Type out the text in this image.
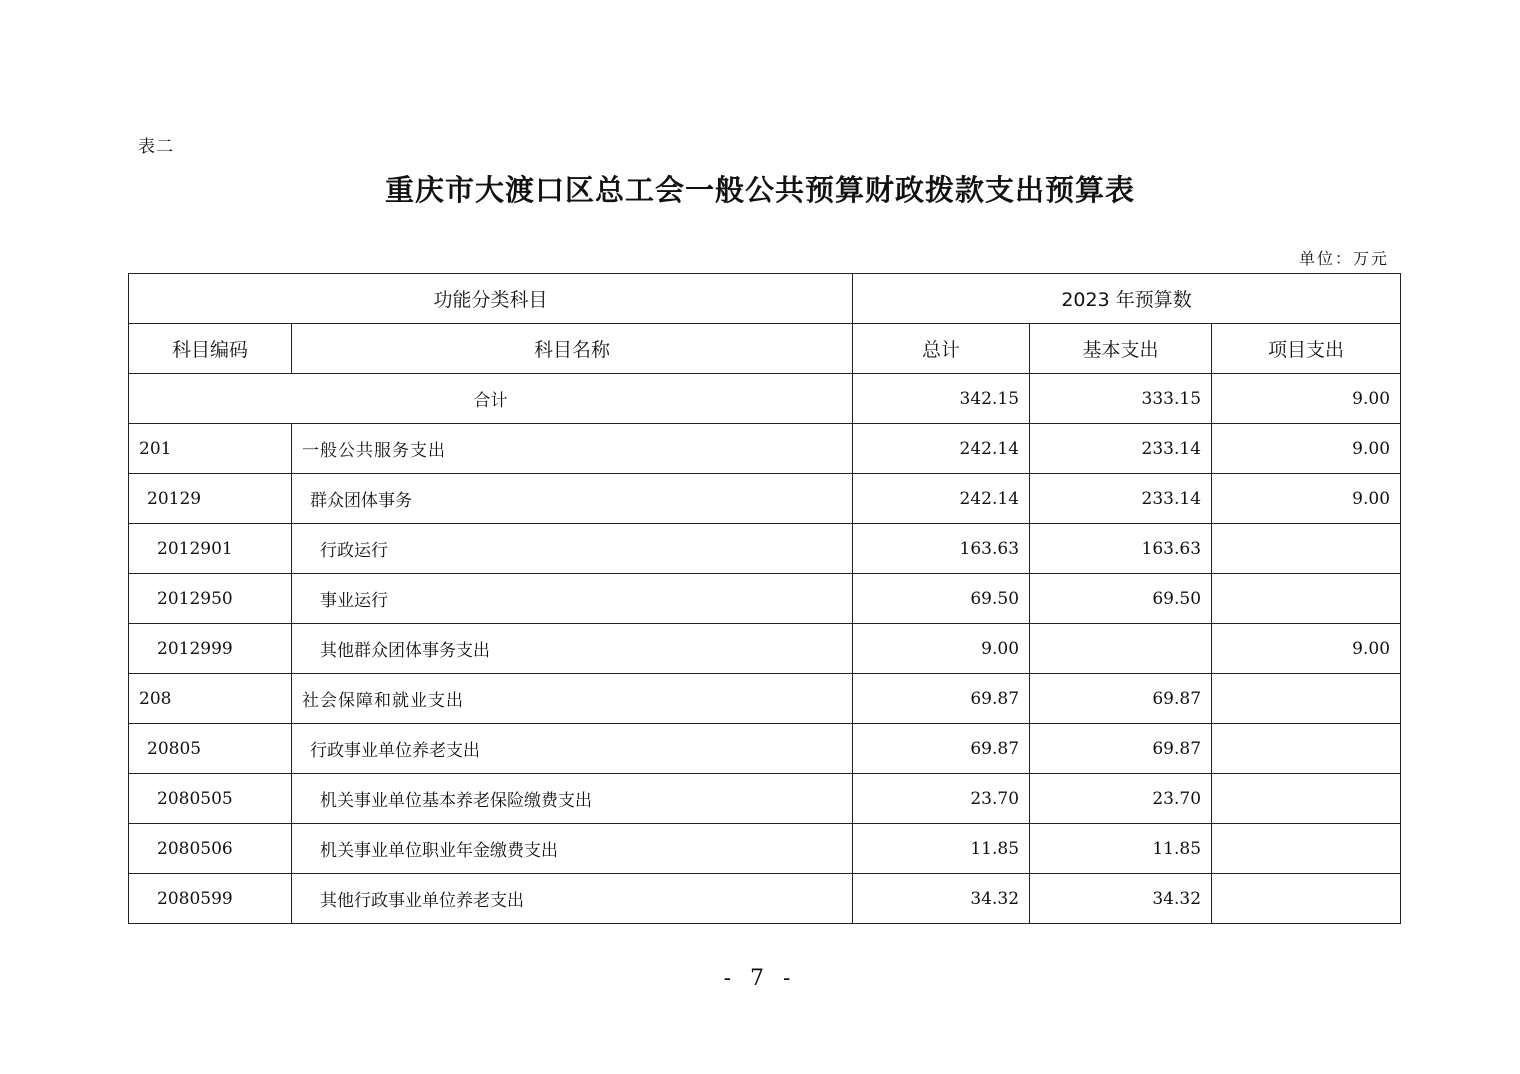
表二
重庆市大渡口区总工会一般公共预算财政拨款支出预算表
单位：万元
功能分类科目		2023 年预算数		
科目编码	科目名称	总计	基本支出	项目支出
合计		342.15	333.15	9.00
201	一般公共服务支出	242.14	233.14	9.00
20129	群众团体事务	242.14	233.14	9.00
2012901	行政运行	163.63	163.63	
2012950	事业运行	69.50	69.50	
2012999	其他群众团体事务支出	9.00		9.00
208	社会保障和就业支出	69.87	69.87	
20805	行政事业单位养老支出	69.87	69.87	
2080505	机关事业单位基本养老保险缴费支出	23.70	23.70	
2080506	机关事业单位职业年金缴费支出	11.85	11.85	
2080599	其他行政事业单位养老支出	34.32	34.32	
- 7 -
